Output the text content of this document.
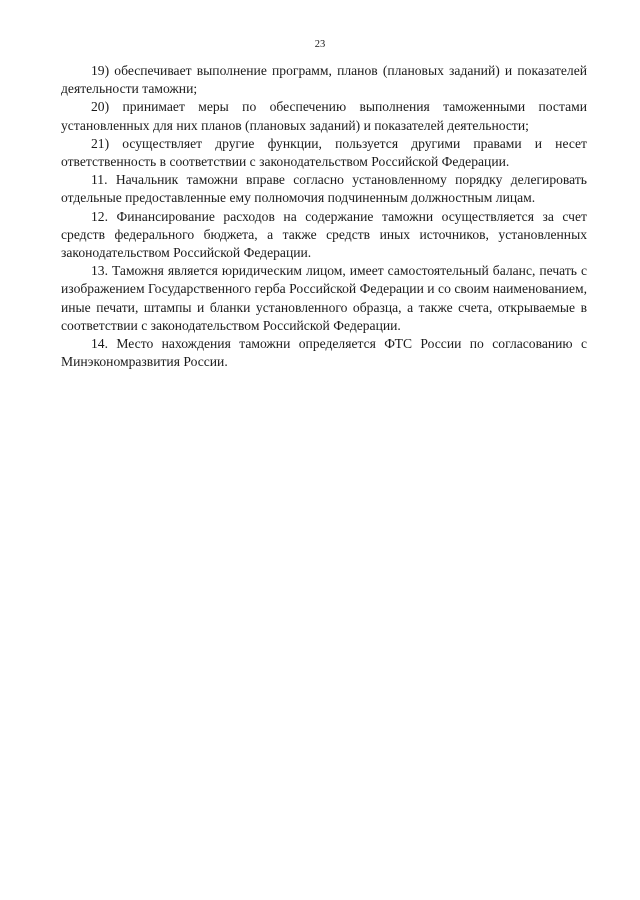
23

19) обеспечивает выполнение программ, планов (плановых заданий) и показателей деятельности таможни;

20) принимает меры по обеспечению выполнения таможенными постами установленных для них планов (плановых заданий) и показателей деятельности;

21) осуществляет другие функции, пользуется другими правами и несет ответственность в соответствии с законодательством Российской Федерации.

11. Начальник таможни вправе согласно установленному порядку делегировать отдельные предоставленные ему полномочия подчиненным должностным лицам.

12. Финансирование расходов на содержание таможни осуществляется за счет средств федерального бюджета, а также средств иных источников, установленных законодательством Российской Федерации.

13. Таможня является юридическим лицом, имеет самостоятельный баланс, печать с изображением Государственного герба Российской Федерации и со своим наименованием, иные печати, штампы и бланки установленного образца, а также счета, открываемые в соответствии с законодательством Российской Федерации.

14. Место нахождения таможни определяется ФТС России по согласованию с Минэкономразвития России.
